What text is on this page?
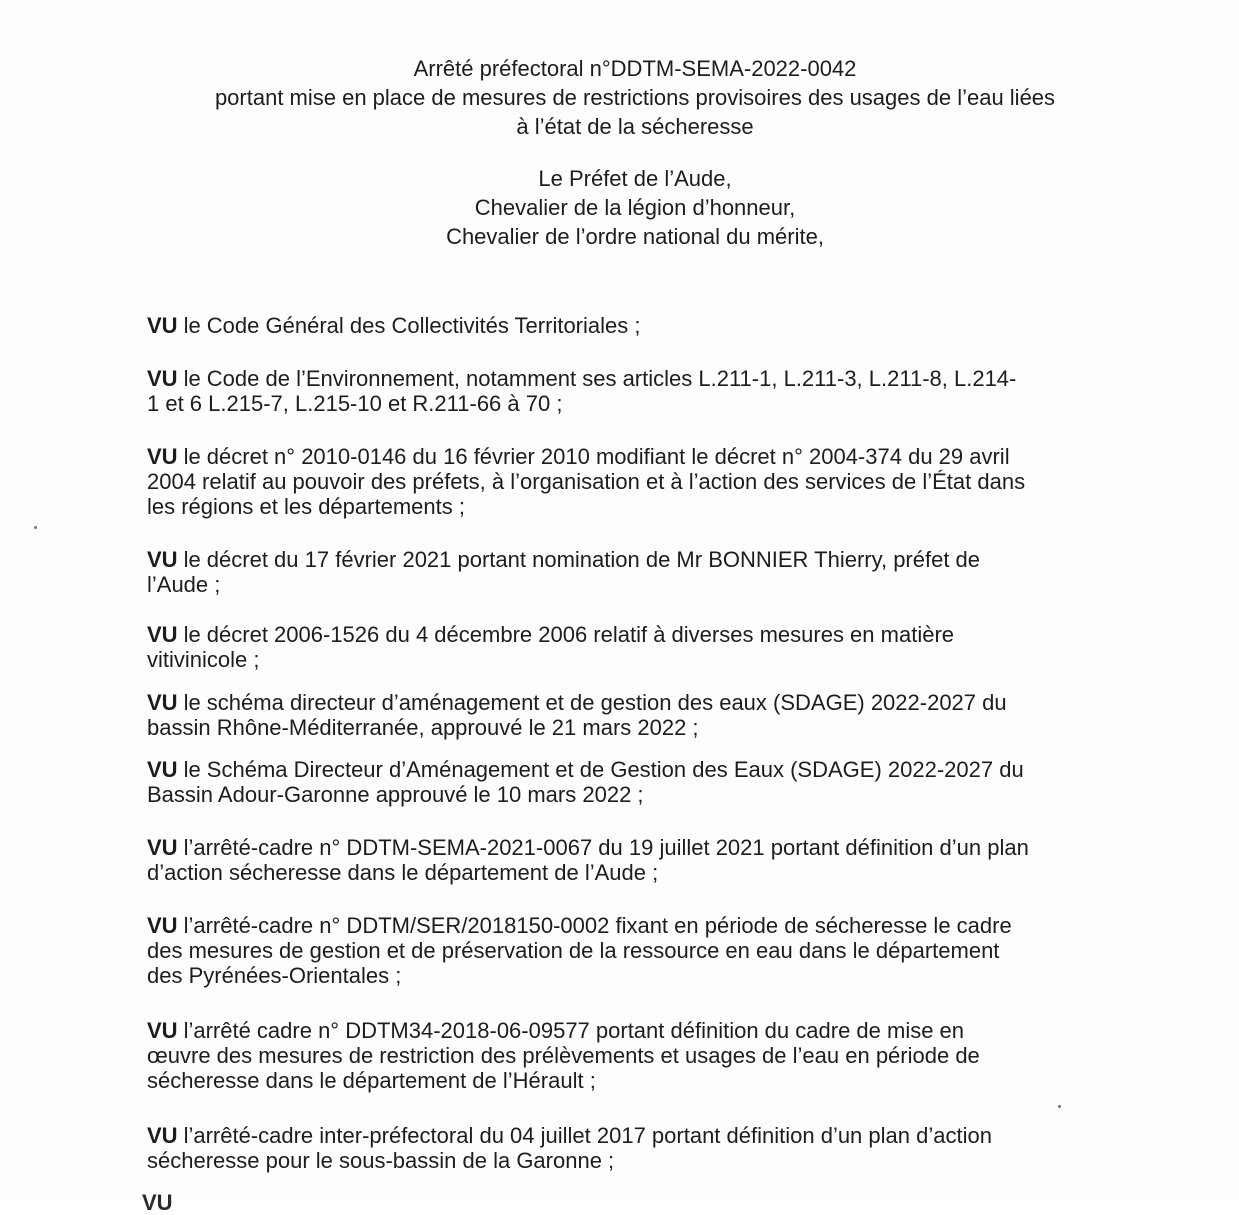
Arrêté préfectoral n°DDTM-SEMA-2022-0042
portant mise en place de mesures de restrictions provisoires des usages de l’eau liées
à l’état de la sécheresse
Le Préfet de l’Aude,
Chevalier de la légion d’honneur,
Chevalier de l’ordre national du mérite,
VU le Code Général des Collectivités Territoriales ;
VU le Code de l’Environnement, notamment ses articles L.211-1, L.211-3, L.211-8, L.214-
1 et 6 L.215-7, L.215-10 et R.211-66 à 70 ;
VU le décret n° 2010-0146 du 16 février 2010 modifiant le décret n° 2004-374 du 29 avril
2004 relatif au pouvoir des préfets, à l’organisation et à l’action des services de l’État dans
les régions et les départements ;
VU le décret du 17 février 2021 portant nomination de Mr BONNIER Thierry, préfet de
l’Aude ;
VU le décret 2006-1526 du 4 décembre 2006 relatif à diverses mesures en matière
vitivinicole ;
VU le schéma directeur d’aménagement et de gestion des eaux (SDAGE) 2022-2027 du
bassin Rhône-Méditerranée, approuvé le 21 mars 2022 ;
VU le Schéma Directeur d’Aménagement et de Gestion des Eaux (SDAGE) 2022-2027 du
Bassin Adour-Garonne approuvé le 10 mars 2022 ;
VU l’arrêté-cadre n° DDTM-SEMA-2021-0067 du 19 juillet 2021 portant définition d’un plan
d’action sécheresse dans le département de l’Aude ;
VU l’arrêté-cadre n° DDTM/SER/2018150-0002 fixant en période de sécheresse le cadre
des mesures de gestion et de préservation de la ressource en eau dans le département
des Pyrénées-Orientales ;
VU l’arrêté cadre n° DDTM34-2018-06-09577 portant définition du cadre de mise en
œuvre des mesures de restriction des prélèvements et usages de l’eau en période de
sécheresse dans le département de l’Hérault ;
VU l’arrêté-cadre inter-préfectoral du 04 juillet 2017 portant définition d’un plan d’action
sécheresse pour le sous-bassin de la Garonne ;
VU
